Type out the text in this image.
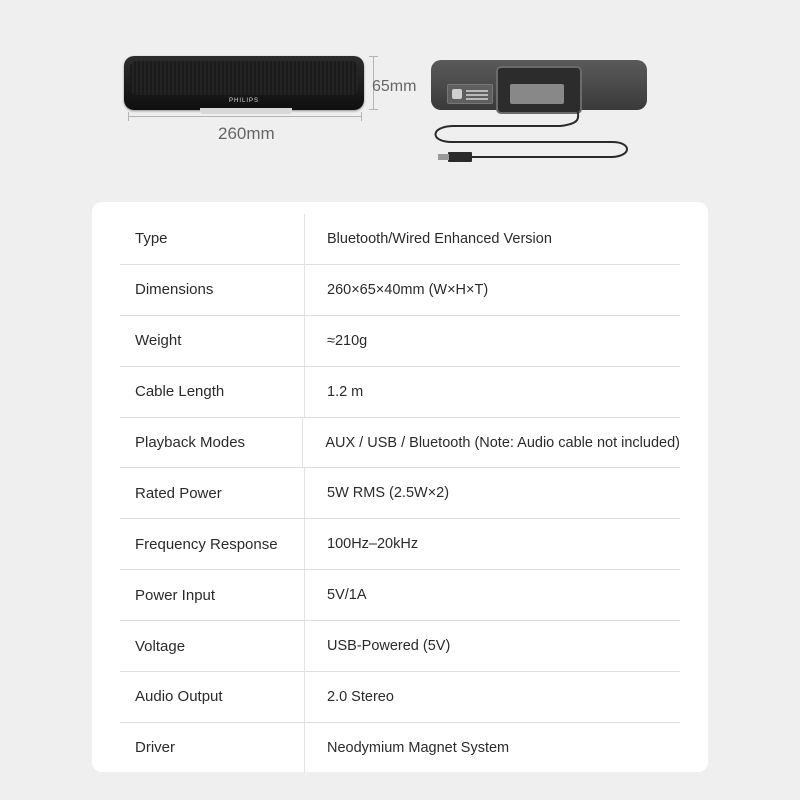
PHILIPS
260mm
65mm
Type	Bluetooth/Wired Enhanced Version
Dimensions	260×65×40mm (W×H×T)
Weight	≈210g
Cable Length	1.2 m
Playback Modes	AUX / USB / Bluetooth (Note: Audio cable not included)
Rated Power	5W RMS (2.5W×2)
Frequency Response	100Hz–20kHz
Power Input	5V/1A
Voltage	USB-Powered (5V)
Audio Output	2.0 Stereo
Driver	Neodymium Magnet System
